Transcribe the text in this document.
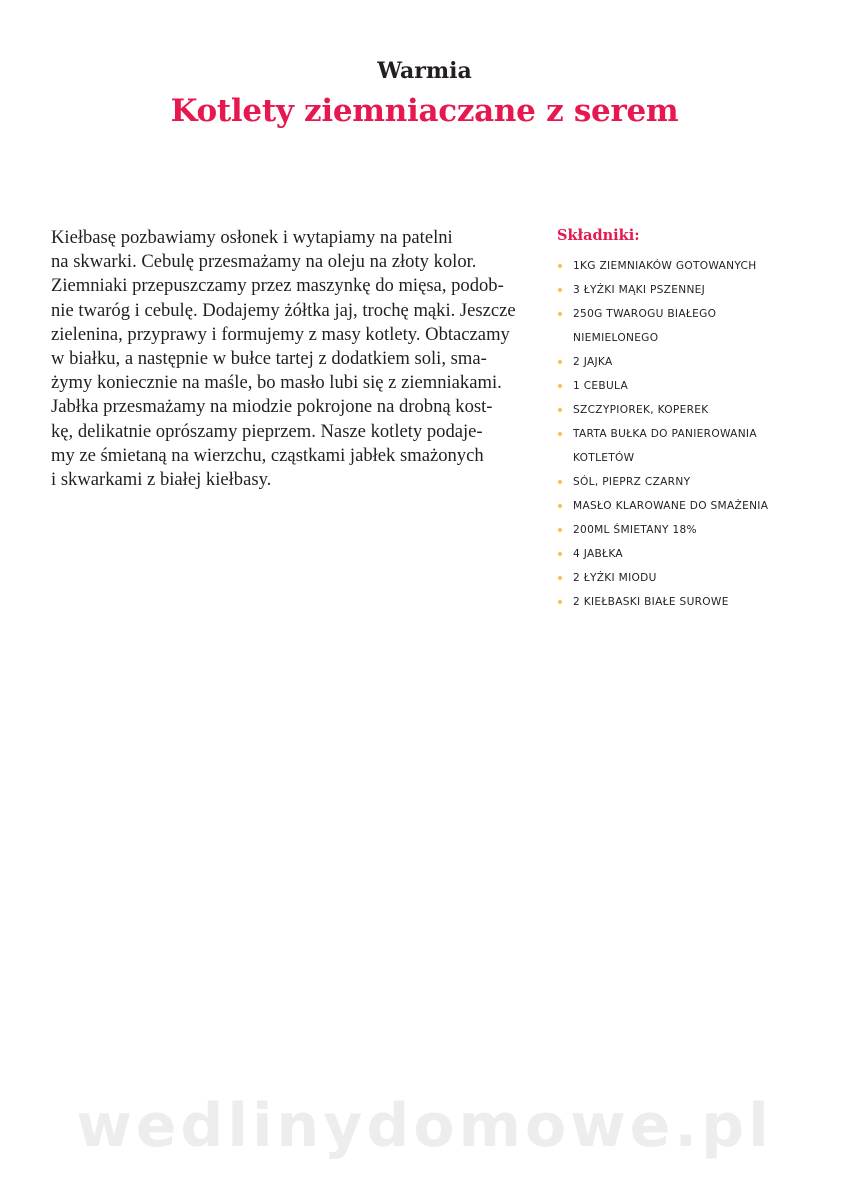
Warmia
Kotlety ziemniaczane z serem
Kiełbasę pozbawiamy osłonek i wytapiamy na patelni
na skwarki. Cebulę przesmażamy na oleju na złoty kolor.
Ziemniaki przepuszczamy przez maszynkę do mięsa, podob-
nie twaróg i cebulę. Dodajemy żółtka jaj, trochę mąki. Jeszcze
zielenina, przyprawy i formujemy z masy kotlety. Obtaczamy
w białku, a następnie w bułce tartej z dodatkiem soli, sma-
żymy koniecznie na maśle, bo masło lubi się z ziemniakami.
Jabłka przesmażamy na miodzie pokrojone na drobną kost-
kę, delikatnie oprószamy pieprzem. Nasze kotlety podaje-
my ze śmietaną na wierzchu, cząstkami jabłek smażonych
i skwarkami z białej kiełbasy.
Składniki:
1KG ZIEMNIAKÓW GOTOWANYCH
3 ŁYŻKI MĄKI PSZENNEJ
250G TWAROGU BIAŁEGO
NIEMIELONEGO
2 JAJKA
1 CEBULA
SZCZYPIOREK, KOPEREK
TARTA BUŁKA DO PANIEROWANIA
KOTLETÓW
SÓL, PIEPRZ CZARNY
MASŁO KLAROWANE DO SMAŻENIA
200ML ŚMIETANY 18%
4 JABŁKA
2 ŁYŻKI MIODU
2 KIEŁBASKI BIAŁE SUROWE
wedlinydomowe.pl
